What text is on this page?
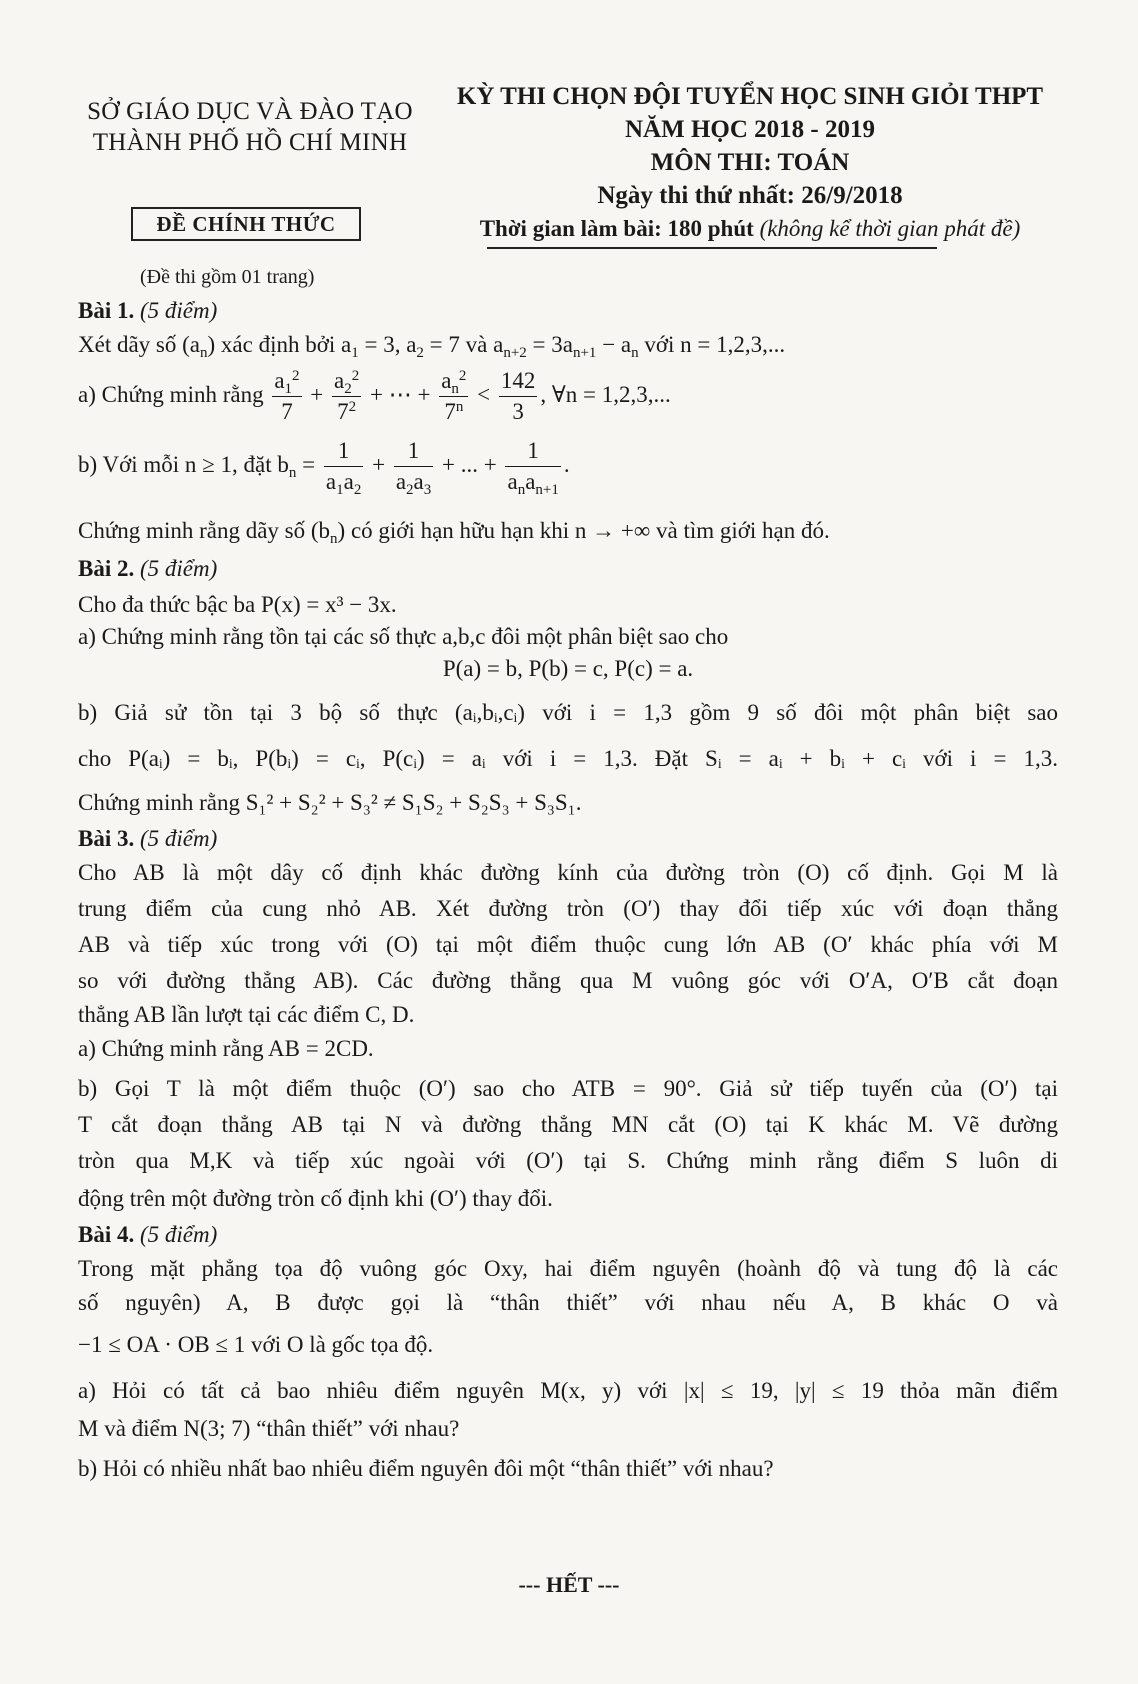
SỞ GIÁO DỤC VÀ ĐÀO TẠO
THÀNH PHỐ HỒ CHÍ MINH
KỲ THI CHỌN ĐỘI TUYỂN HỌC SINH GIỎI THPT
NĂM HỌC 2018 - 2019
MÔN THI: TOÁN
Ngày thi thứ nhất: 26/9/2018
Thời gian làm bài: 180 phút (không kể thời gian phát đề)
ĐỀ CHÍNH THỨC
(Đề thi gồm 01 trang)
Bài 1. (5 điểm)
Xét dãy số $(a_n)$ xác định bởi $a_1 = 3$, $a_2 = 7$ và $a_{n+2} = 3a_{n+1} - a_n$ với n = 1,2,3,...
a) Chứng minh rằng $\frac{a_1^2}{7} + \frac{a_2^2}{7^2}$ + ⋯ + $\frac{a_n^2}{7^n} < \frac{142}{3}$ , ∀n = 1,2,3,...
b) Với mỗi n ≥ 1, đặt $b_n = \frac{1}{a_1a_2} + \frac{1}{a_2a_3}$ + ... + $\frac{1}{a_na_{n+1}}$ .
Chứng minh rằng dãy số $(b_n)$ có giới hạn hữu hạn khi n → +∞ và tìm giới hạn đó.
Bài 2. (5 điểm)
Cho đa thức bậc ba P(x) = x³ − 3x.
a) Chứng minh rằng tồn tại các số thực a,b,c đôi một phân biệt sao cho
P(a) = b, P(b) = c, P(c) = a.
b) Giả sử tồn tại 3 bộ số thực (aᵢ,bᵢ,cᵢ) với i = 1,3 gồm 9 số đôi một phân biệt sao
cho P(aᵢ) = bᵢ, P(bᵢ) = cᵢ, P(cᵢ) = aᵢ với i = 1,3. Đặt Sᵢ = aᵢ + bᵢ + cᵢ với i = 1,3.
Chứng minh rằng S₁² + S₂² + S₃² ≠ S₁S₂ + S₂S₃ + S₃S₁.
Bài 3. (5 điểm)
Cho AB là một dây cố định khác đường kính của đường tròn (O) cố định. Gọi M là
trung điểm của cung nhỏ AB. Xét đường tròn (O′) thay đổi tiếp xúc với đoạn thẳng
AB và tiếp xúc trong với (O) tại một điểm thuộc cung lớn AB (O′ khác phía với M
so với đường thẳng AB). Các đường thẳng qua M vuông góc với O′A, O′B cắt đoạn
thẳng AB lần lượt tại các điểm C, D.
a) Chứng minh rằng AB = 2CD.
b) Gọi T là một điểm thuộc (O′) sao cho ATB = 90°. Giả sử tiếp tuyến của (O′) tại
T cắt đoạn thẳng AB tại N và đường thẳng MN cắt (O) tại K khác M. Vẽ đường
tròn qua M,K và tiếp xúc ngoài với (O′) tại S. Chứng minh rằng điểm S luôn di
động trên một đường tròn cố định khi (O′) thay đổi.
Bài 4. (5 điểm)
Trong mặt phẳng tọa độ vuông góc Oxy, hai điểm nguyên (hoành độ và tung độ là các
số nguyên) A, B được gọi là “thân thiết” với nhau nếu A, B khác O và
−1 ≤ OA · OB ≤ 1 với O là gốc tọa độ.
a) Hỏi có tất cả bao nhiêu điểm nguyên M(x, y) với |x| ≤ 19, |y| ≤ 19 thỏa mãn điểm
M và điểm N(3; 7) “thân thiết” với nhau?
b) Hỏi có nhiều nhất bao nhiêu điểm nguyên đôi một “thân thiết” với nhau?
--- HẾT ---
